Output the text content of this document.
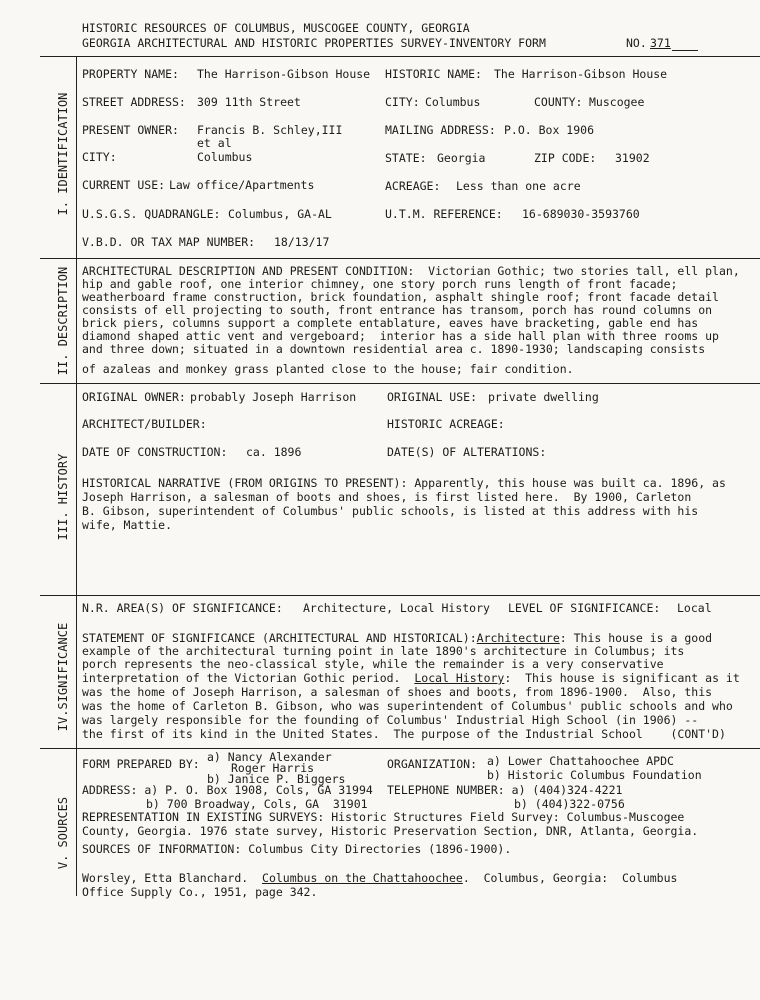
HISTORIC RESOURCES OF COLUMBUS, MUSCOGEE COUNTY, GEORGIA
GEORGIA ARCHITECTURAL AND HISTORIC PROPERTIES SURVEY-INVENTORY FORM	NO. 371
I. IDENTIFICATION
II. DESCRIPTION
III. HISTORY
IV.SIGNIFICANCE
V. SOURCES
PROPERTY NAME: The Harrison-Gibson House HISTORIC NAME: The Harrison-Gibson House
STREET ADDRESS: 309 11th Street	CITY: Columbus	COUNTY: Muscogee
PRESENT OWNER: Francis B. Schley,III
et al
MAILING ADDRESS: P.O. Box 1906
CITY:	Columbus	STATE: Georgia	ZIP CODE: 31902
CURRENT USE: Law office/Apartments	ACREAGE: Less than one acre
U.S.G.S. QUADRANGLE: Columbus, GA-AL	U.T.M. REFERENCE: 16-689030-3593760
V.B.D. OR TAX MAP NUMBER: 18/13/17
ARCHITECTURAL DESCRIPTION AND PRESENT CONDITION:  Victorian Gothic; two stories tall, ell plan,
hip and gable roof, one interior chimney, one story porch runs length of front facade;
weatherboard frame construction, brick foundation, asphalt shingle roof; front facade detail
consists of ell projecting to south, front entrance has transom, porch has round columns on
brick piers, columns support a complete entablature, eaves have bracketing, gable end has
diamond shaped attic vent and vergeboard;  interior has a side hall plan with three rooms up
and three down; situated in a downtown residential area c. 1890-1930; landscaping consists
of azaleas and monkey grass planted close to the house; fair condition.
ORIGINAL OWNER: probably Joseph Harrison	ORIGINAL USE: private dwelling
ARCHITECT/BUILDER:	HISTORIC ACREAGE:
DATE OF CONSTRUCTION: ca. 1896	DATE(S) OF ALTERATIONS:
HISTORICAL NARRATIVE (FROM ORIGINS TO PRESENT): Apparently, this house was built ca. 1896, as
Joseph Harrison, a salesman of boots and shoes, is first listed here.  By 1900, Carleton
B. Gibson, superintendent of Columbus' public schools, is listed at this address with his
wife, Mattie.
N.R. AREA(S) OF SIGNIFICANCE: Architecture, Local History LEVEL OF SIGNIFICANCE: Local
STATEMENT OF SIGNIFICANCE (ARCHITECTURAL AND HISTORICAL):Architecture: This house is a good
example of the architectural turning point in late 1890's architecture in Columbus; its
porch represents the neo-classical style, while the remainder is a very conservative
interpretation of the Victorian Gothic period.  Local History:  This house is significant as it
was the home of Joseph Harrison, a salesman of shoes and boots, from 1896-1900.  Also, this
was the home of Carleton B. Gibson, who was superintendent of Columbus' public schools and who
was largely responsible for the founding of Columbus' Industrial High School (in 1906) --
the first of its kind in the United States.  The purpose of the Industrial School    (CONT'D)
FORM PREPARED BY: a) Nancy Alexander
Roger Harris
b) Janice P. Biggers
ORGANIZATION: a) Lower Chattahoochee APDC
b) Historic Columbus Foundation
ADDRESS: a) P. O. Box 1908, Cols, GA 31994 TELEPHONE NUMBER: a) (404)324-4221
b) 700 Broadway, Cols, GA  31901	b) (404)322-0756
REPRESENTATION IN EXISTING SURVEYS: Historic Structures Field Survey: Columbus-Muscogee
County, Georgia. 1976 state survey, Historic Preservation Section, DNR, Atlanta, Georgia.
SOURCES OF INFORMATION: Columbus City Directories (1896-1900).
Worsley, Etta Blanchard.  Columbus on the Chattahoochee.  Columbus, Georgia:  Columbus
Office Supply Co., 1951, page 342.
